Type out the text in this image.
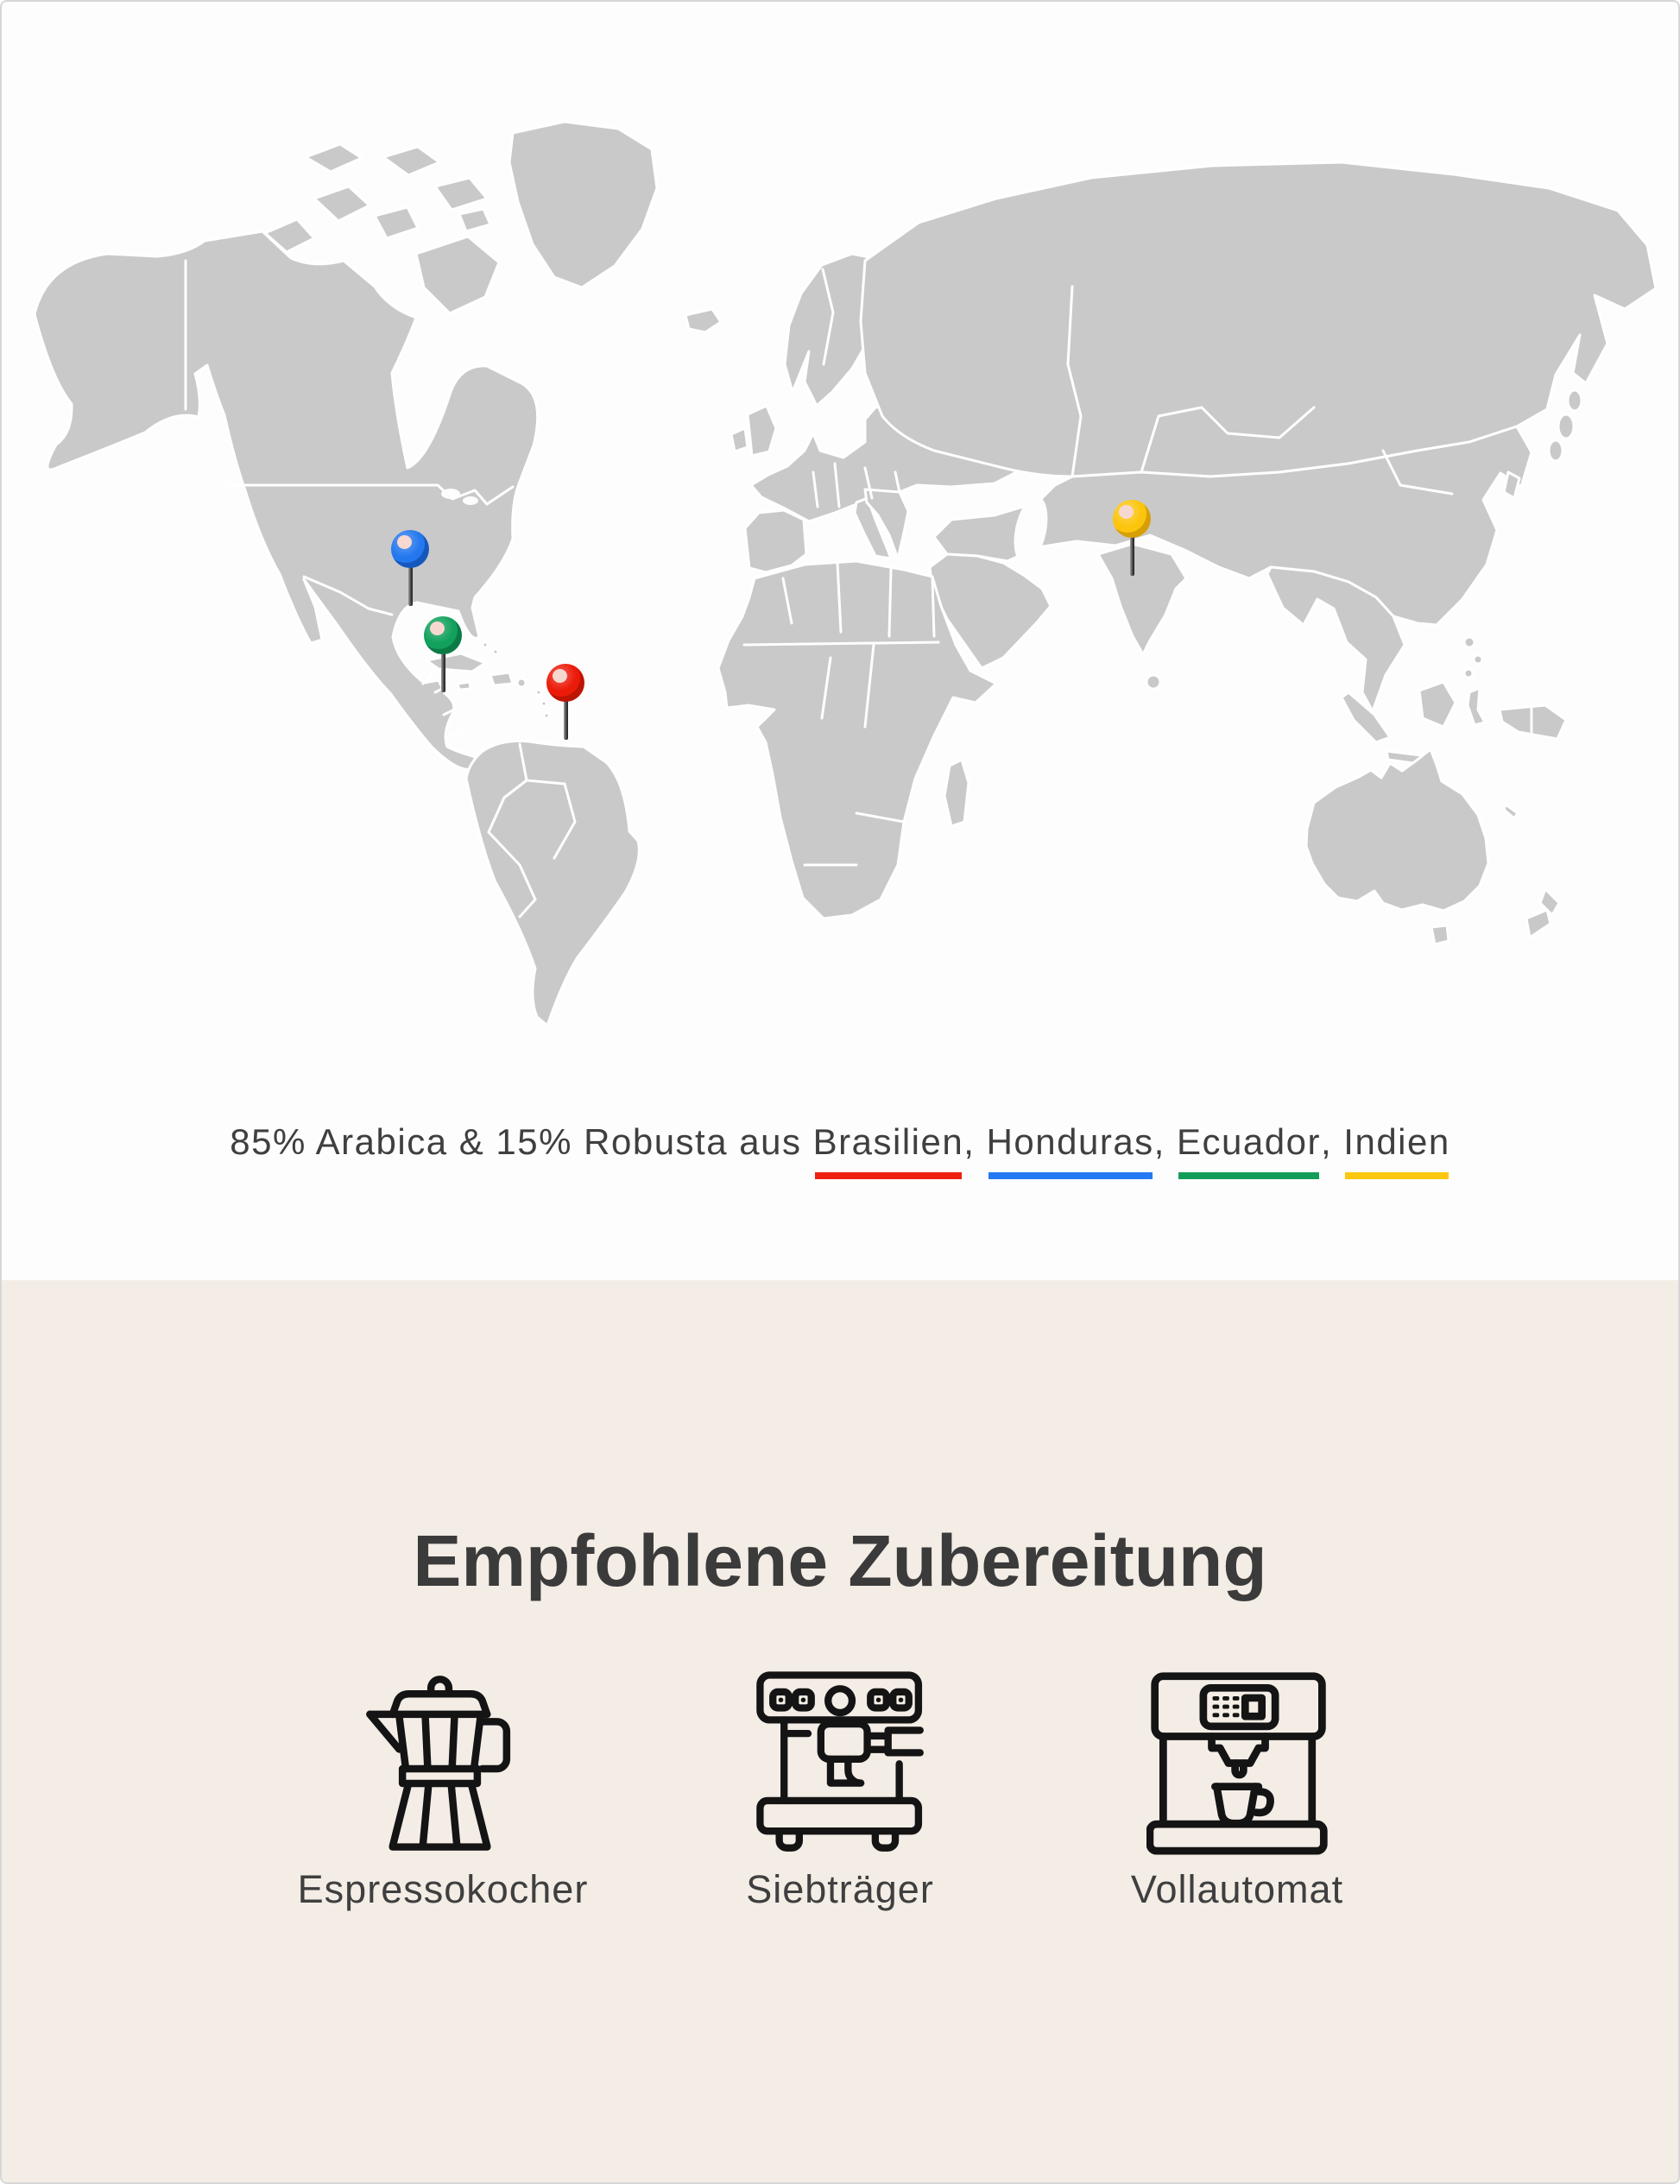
85% Arabica & 15% Robusta aus Brasilien, Honduras, Ecuador, Indien

Empfohlene Zubereitung
Espressokocher	Siebträger	Vollautomat
